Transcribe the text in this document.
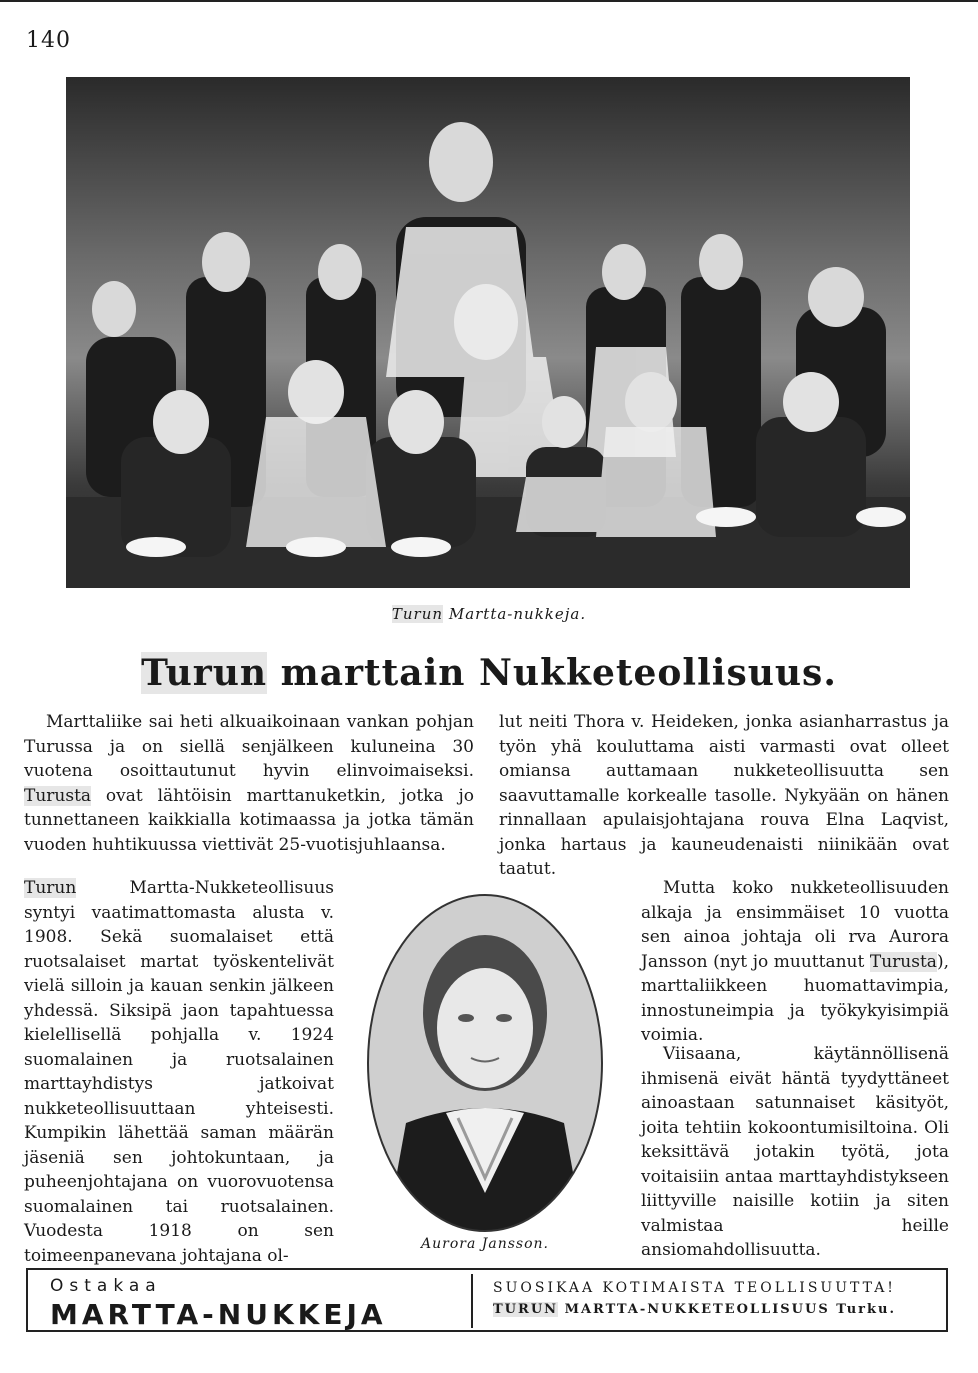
140
Turun Martta-nukkeja.
Turun marttain Nukketeollisuus.

Marttaliike sai heti alkuaikoinaan vankan pohjan Turussa ja on siellä senjälkeen kuluneina 30 vuotena osoittautunut hyvin elinvoimaiseksi. Turusta ovat lähtöisin marttanuketkin, jotka jo tunnettaneen kaikkialla kotimaassa ja jotka tämän vuoden huhtikuussa viettivät 25-vuotisjuhlaansa.

Turun Martta-Nukketeollisuus syntyi vaatimattomasta alusta v. 1908. Sekä suomalaiset että ruotsalaiset martat työskentelivät vielä silloin ja kauan senkin jälkeen yhdessä. Siksipä jaon tapahtuessa kielellisellä pohjalla v. 1924 suomalainen ja ruotsalainen marttayhdistys jatkoivat nukketeollisuuttaan yhteisesti. Kumpikin lähettää saman määrän jäseniä sen johtokuntaan, ja puheenjohtajana on vuorovuotensa suomalainen tai ruotsalainen. Vuodesta 1918 on sen toimeenpanevana johtajana ol-

lut neiti Thora v. Heideken, jonka asianharrastus ja työn yhä kouluttama aisti varmasti ovat olleet omiansa auttamaan nukketeollisuutta sen saavuttamalle korkealle tasolle. Nykyään on hänen rinnallaan apulaisjohtajana rouva Elna Laqvist, jonka hartaus ja kauneudenaisti niinikään ovat taatut.

Mutta koko nukketeollisuuden alkaja ja ensimmäiset 10 vuotta sen ainoa johtaja oli rva Aurora Jansson (nyt jo muuttanut Turusta), marttaliikkeen huomattavimpia, innostuneimpia ja työkykyisimpiä voimia.

Viisaana, käytännöllisenä ihmisenä eivät häntä tyydyttäneet ainoastaan satunnaiset käsityöt, joita tehtiin kokoontumisiltoina. Oli keksittävä jotakin työtä, jota voitaisiin antaa marttayhdistykseen liittyville naisille kotiin ja siten valmistaa heille ansiomahdollisuutta.

Aurora Jansson.
Ostakaa
MARTTA-NUKKEJA
SUOSIKAA KOTIMAISTA TEOLLISUUTTA!
TURUN MARTTA-NUKKETEOLLISUUS Turku.
